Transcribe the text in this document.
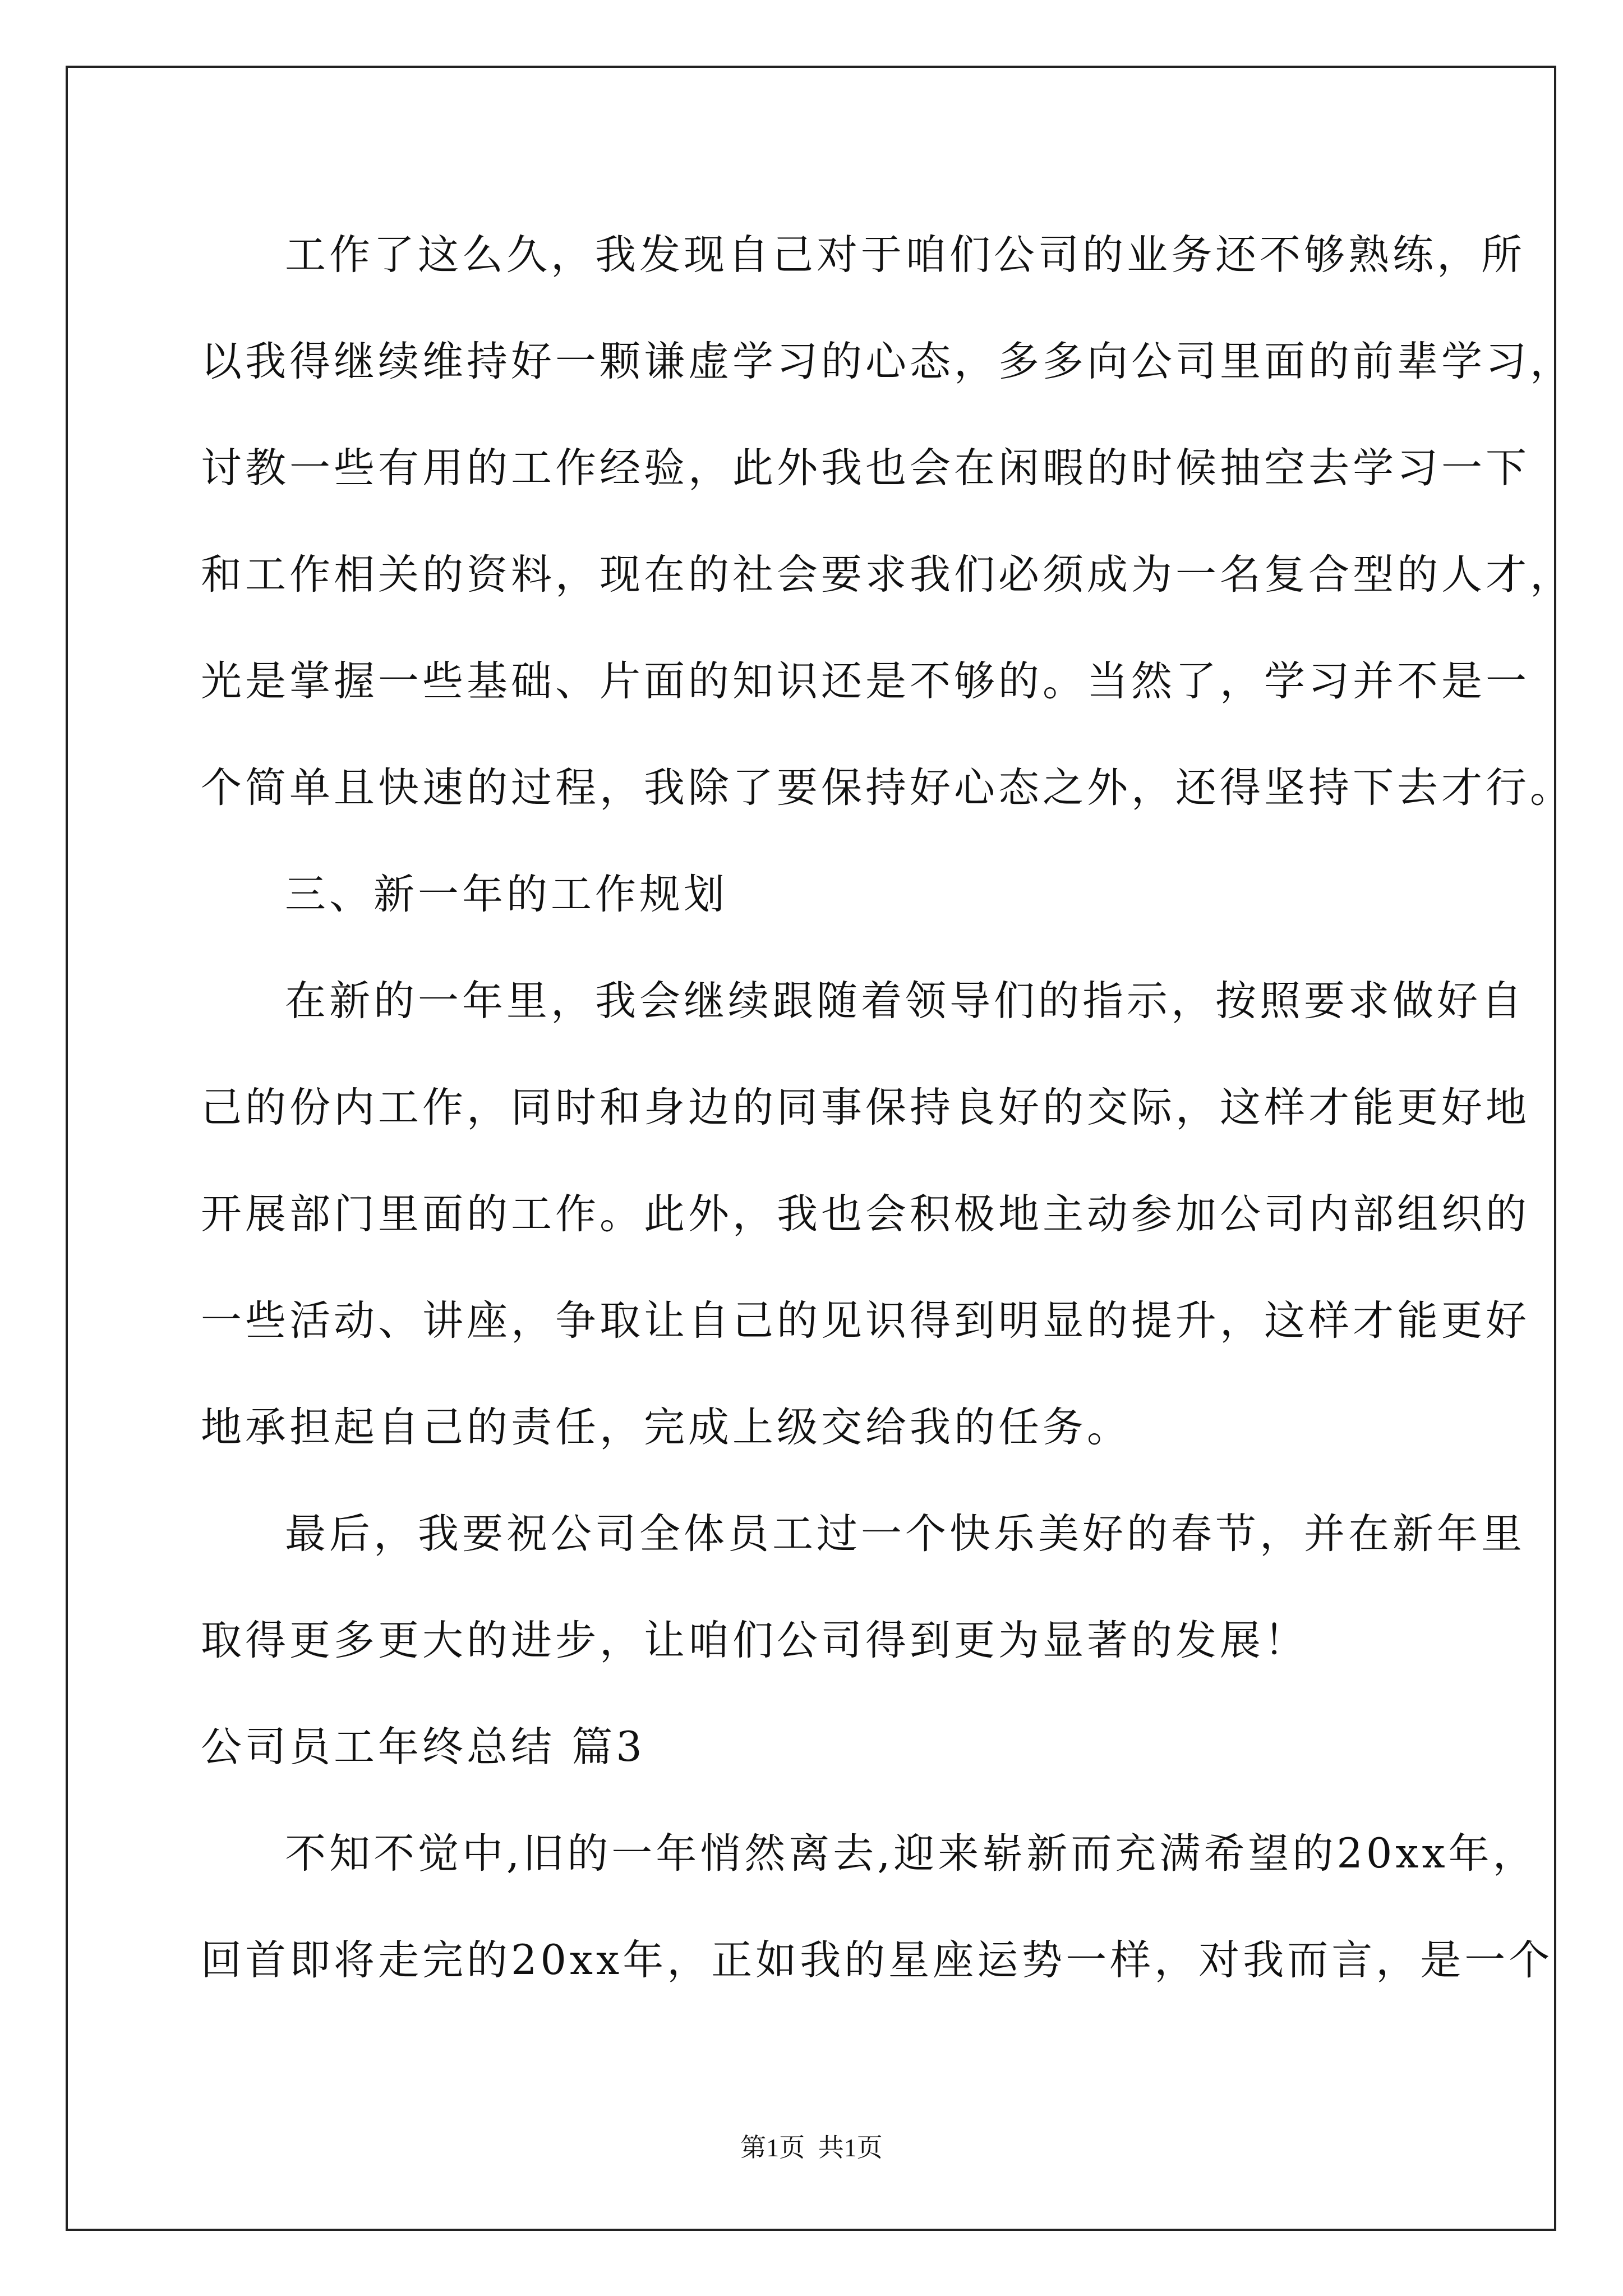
工作了这么久，我发现自己对于咱们公司的业务还不够熟练，所
以我得继续维持好一颗谦虚学习的心态，多多向公司里面的前辈学习，
讨教一些有用的工作经验，此外我也会在闲暇的时候抽空去学习一下
和工作相关的资料，现在的社会要求我们必须成为一名复合型的人才，
光是掌握一些基础、片面的知识还是不够的。当然了，学习并不是一
个简单且快速的过程，我除了要保持好心态之外，还得坚持下去才行。
三、新一年的工作规划
在新的一年里，我会继续跟随着领导们的指示，按照要求做好自
己的份内工作，同时和身边的同事保持良好的交际，这样才能更好地
开展部门里面的工作。此外，我也会积极地主动参加公司内部组织的
一些活动、讲座，争取让自己的见识得到明显的提升，这样才能更好
地承担起自己的责任，完成上级交给我的任务。
最后，我要祝公司全体员工过一个快乐美好的春节，并在新年里
取得更多更大的进步，让咱们公司得到更为显著的发展！
公司员工年终总结 篇3
不知不觉中,旧的一年悄然离去,迎来崭新而充满希望的20xx年，
回首即将走完的20xx年，正如我的星座运势一样，对我而言，是一个
第1页 共1页
